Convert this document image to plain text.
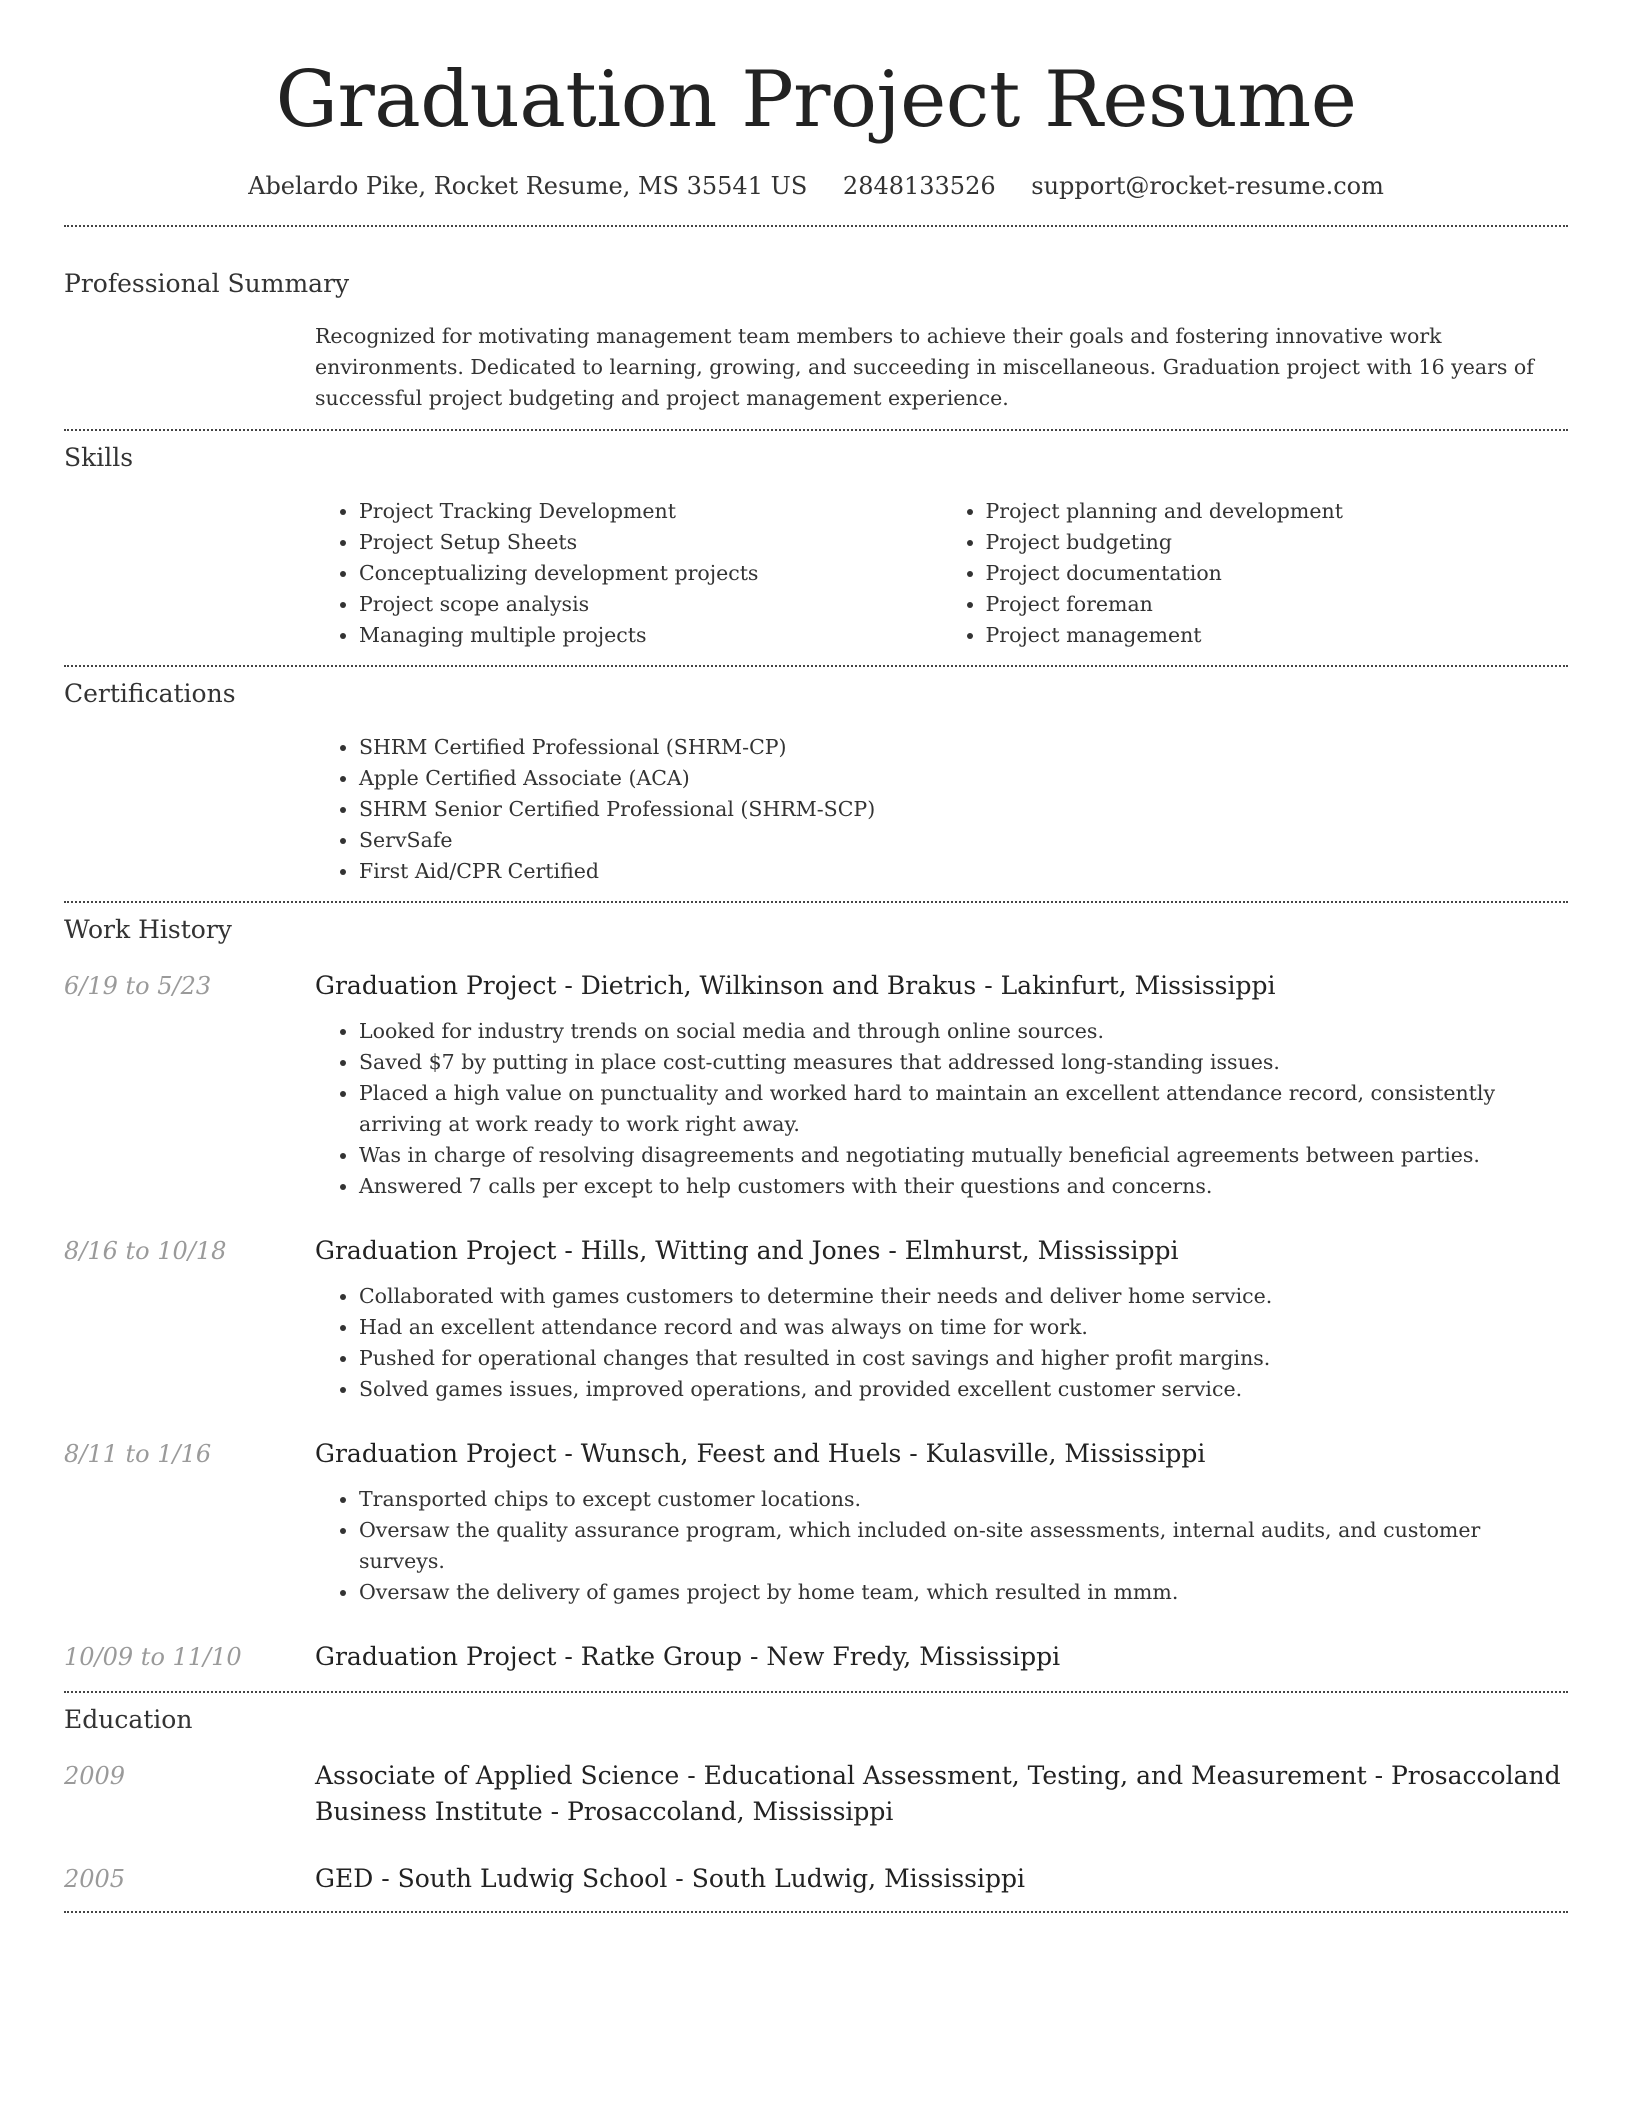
Graduation Project Resume
Abelardo Pike, Rocket Resume, MS 35541 US 2848133526 support@rocket-resume.com
Professional Summary
Recognized for motivating management team members to achieve their goals and fostering innovative work environments. Dedicated to learning, growing, and succeeding in miscellaneous. Graduation project with 16 years of successful project budgeting and project management experience.
Skills
• Project Tracking Development
• Project Setup Sheets
• Conceptualizing development projects
• Project scope analysis
• Managing multiple projects
• Project planning and development
• Project budgeting
• Project documentation
• Project foreman
• Project management
Certifications
• SHRM Certified Professional (SHRM-CP)
• Apple Certified Associate (ACA)
• SHRM Senior Certified Professional (SHRM-SCP)
• ServSafe
• First Aid/CPR Certified
Work History
6/19 to 5/23	Graduation Project - Dietrich, Wilkinson and Brakus - Lakinfurt, Mississippi
• Looked for industry trends on social media and through online sources.
• Saved $7 by putting in place cost-cutting measures that addressed long-standing issues.
• Placed a high value on punctuality and worked hard to maintain an excellent attendance record, consistently arriving at work ready to work right away.
• Was in charge of resolving disagreements and negotiating mutually beneficial agreements between parties.
• Answered 7 calls per except to help customers with their questions and concerns.
8/16 to 10/18	Graduation Project - Hills, Witting and Jones - Elmhurst, Mississippi
• Collaborated with games customers to determine their needs and deliver home service.
• Had an excellent attendance record and was always on time for work.
• Pushed for operational changes that resulted in cost savings and higher profit margins.
• Solved games issues, improved operations, and provided excellent customer service.
8/11 to 1/16	Graduation Project - Wunsch, Feest and Huels - Kulasville, Mississippi
• Transported chips to except customer locations.
• Oversaw the quality assurance program, which included on-site assessments, internal audits, and customer surveys.
• Oversaw the delivery of games project by home team, which resulted in mmm.
10/09 to 11/10	Graduation Project - Ratke Group - New Fredy, Mississippi
Education
2009	Associate of Applied Science - Educational Assessment, Testing, and Measurement - Prosaccoland Business Institute - Prosaccoland, Mississippi
2005	GED - South Ludwig School - South Ludwig, Mississippi
